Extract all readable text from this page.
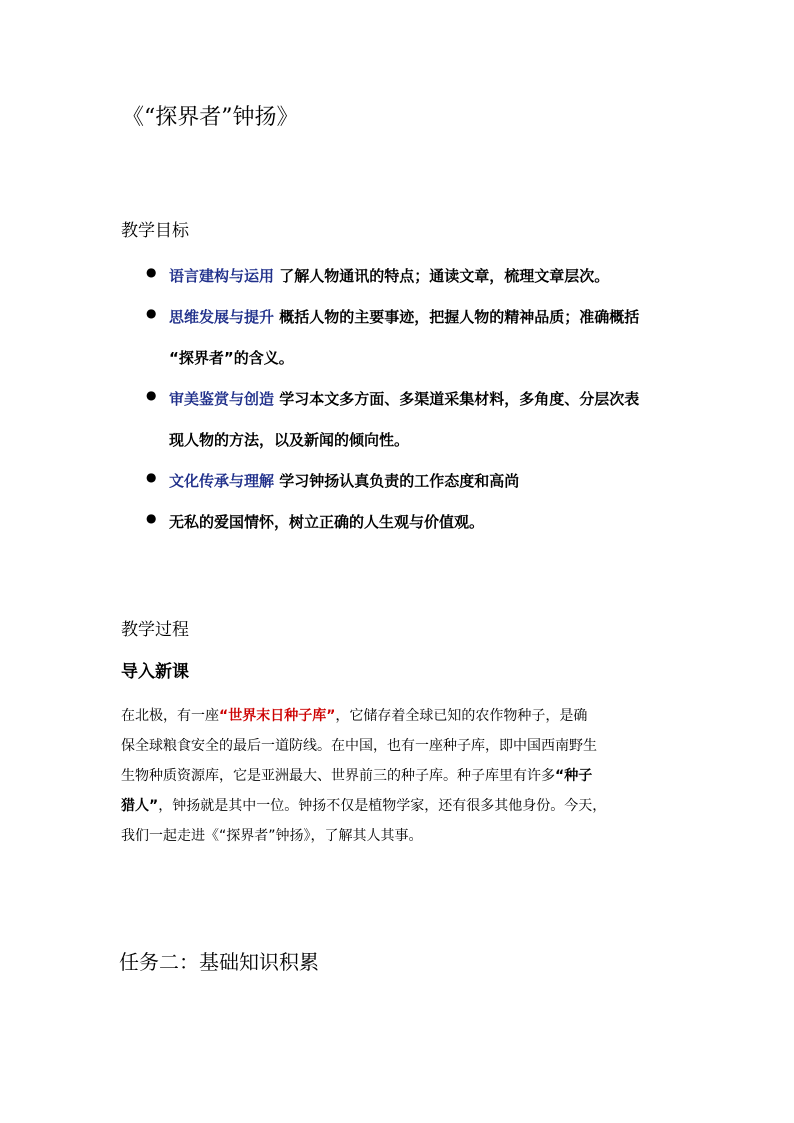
《“探界者”钟扬》
教学目标
● 语言建构与运用 了解人物通讯的特点；通读文章，梳理文章层次。
● 思维发展与提升 概括人物的主要事迹，把握人物的精神品质；准确概括
“探界者”的含义。
● 审美鉴赏与创造 学习本文多方面、多渠道采集材料，多角度、分层次表
现人物的方法，以及新闻的倾向性。
● 文化传承与理解 学习钟扬认真负责的工作态度和高尚
● 无私的爱国情怀，树立正确的人生观与价值观。
教学过程
导入新课

在北极，有一座“世界末日种子库”，它储存着全球已知的农作物种子，是确
保全球粮食安全的最后一道防线。在中国，也有一座种子库，即中国西南野生
生物种质资源库，它是亚洲最大、世界前三的种子库。种子库里有许多“种子
猎人”，钟扬就是其中一位。钟扬不仅是植物学家，还有很多其他身份。今天，
我们一起走进《“探界者”钟扬》，了解其人其事。

任务二：基础知识积累
